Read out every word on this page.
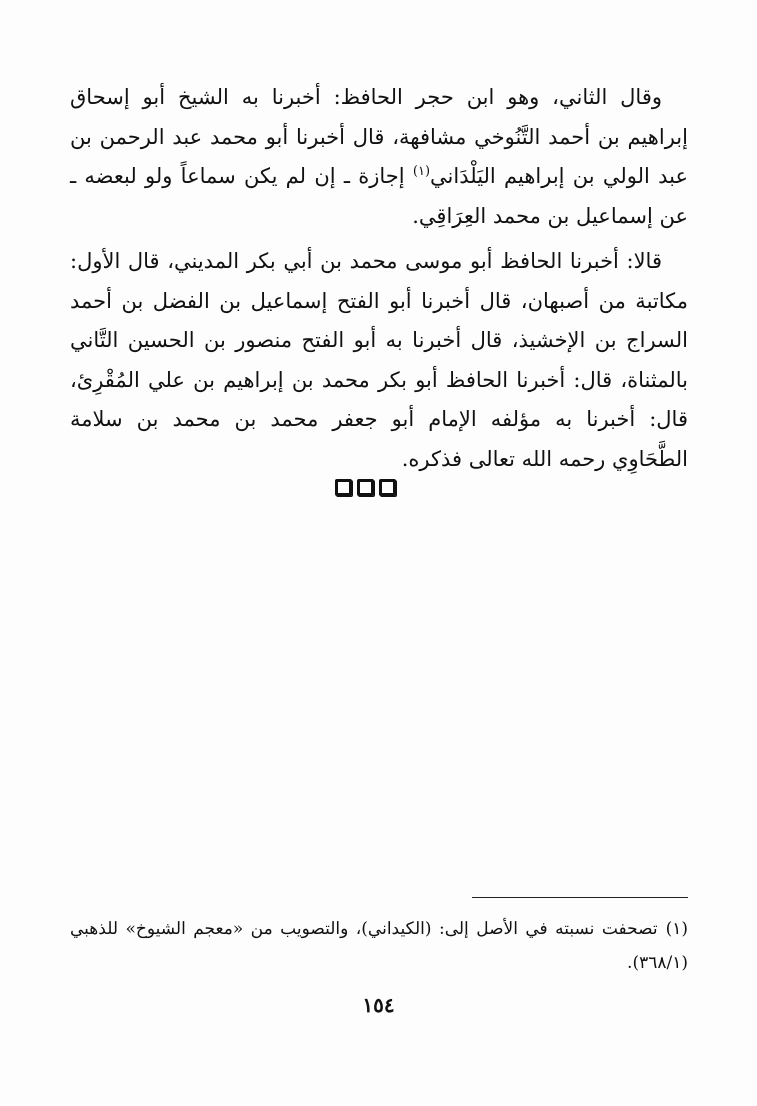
وقال الثاني، وهو ابن حجر الحافظ: أخبرنا به الشيخ أبو إسحاق إبراهيم بن أحمد التَّنُوخي مشافهة، قال أخبرنا أبو محمد عبد الرحمن بن عبد الولي بن إبراهيم اليَلْدَاني$^{(١)}$ إجازة ـ إن لم يكن سماعاً ولو لبعضه ـ عن إسماعيل بن محمد العِرَاقِي.

قالا: أخبرنا الحافظ أبو موسى محمد بن أبي بكر المديني، قال الأول: مكاتبة من أصبهان، قال أخبرنا أبو الفتح إسماعيل بن الفضل بن أحمد السراج بن الإخشيذ، قال أخبرنا به أبو الفتح منصور بن الحسين التَّاني بالمثناة، قال: أخبرنا الحافظ أبو بكر محمد بن إبراهيم بن علي المُقْرِئ، قال: أخبرنا به مؤلفه الإمام أبو جعفر محمد بن محمد بن سلامة الطَّحَاوِي رحمه الله تعالى فذكره.

(١)تصحفت نسبته في الأصل إلى: (الكيداني)، والتصويب من «معجم الشيوخ» للذهبي (٣٦٨/١).
١٥٤
